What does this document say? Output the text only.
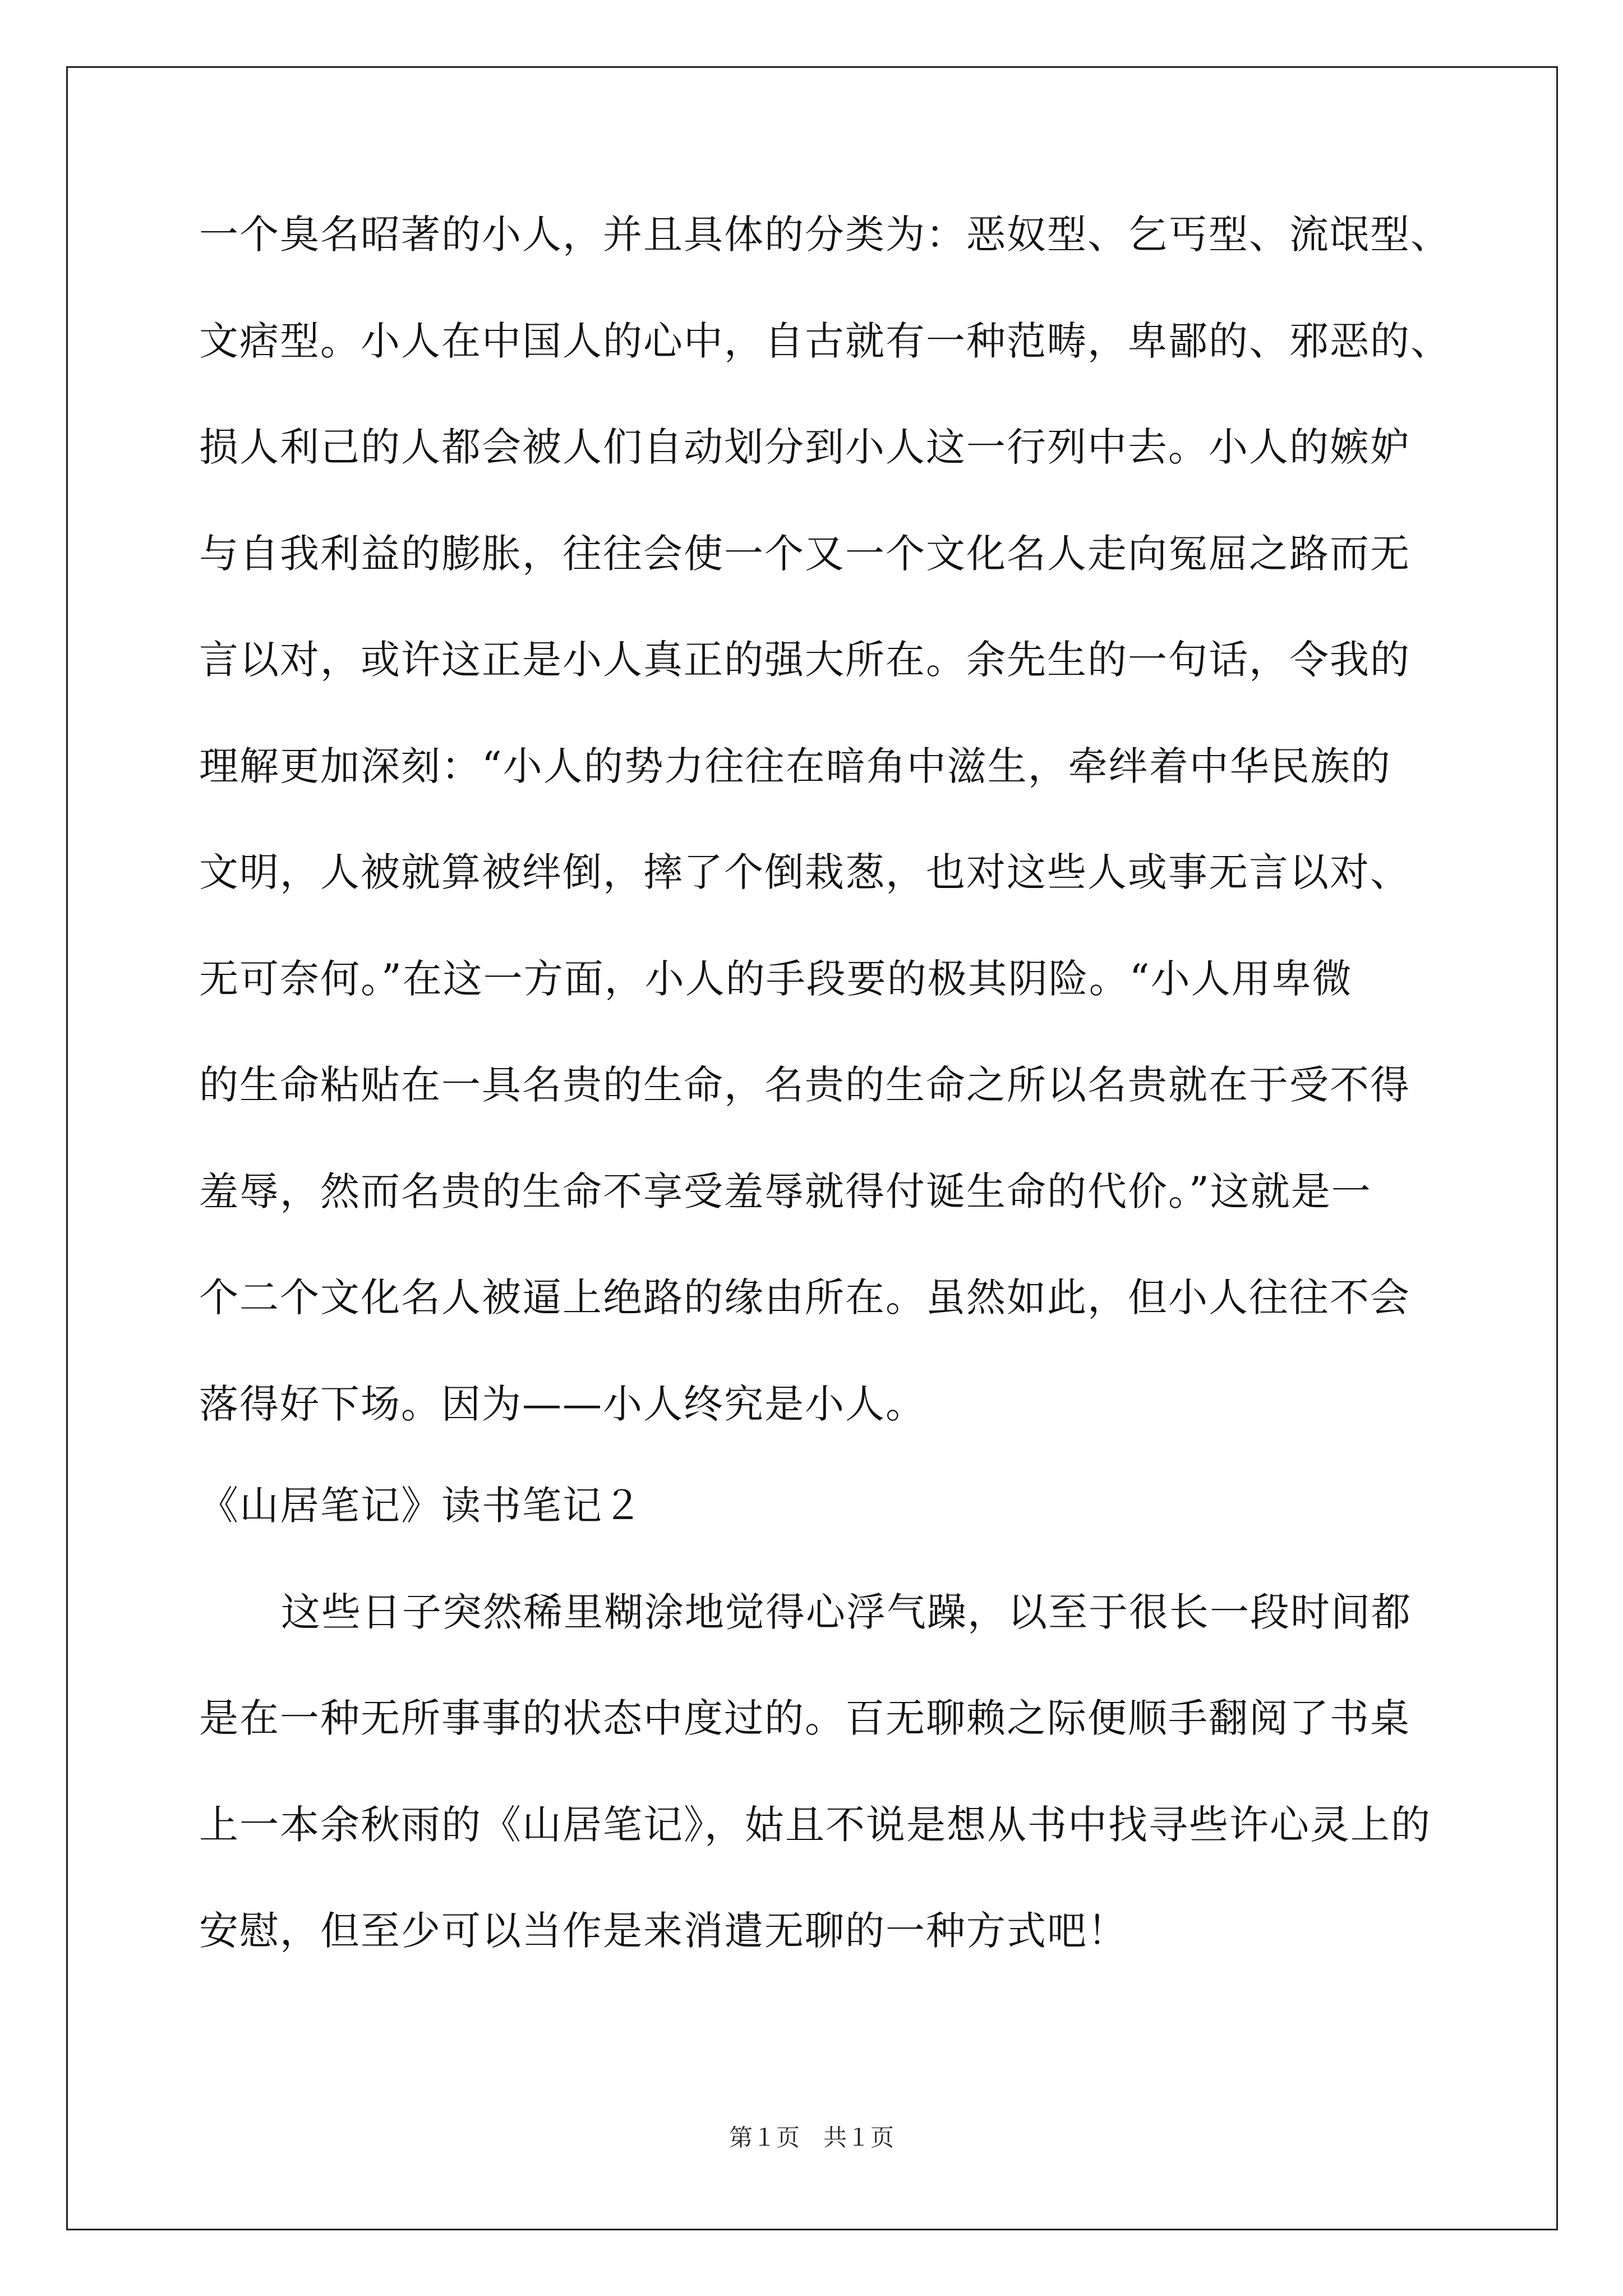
一个臭名昭著的小人，并且具体的分类为：恶奴型、乞丐型、流氓型、
文痞型。小人在中国人的心中，自古就有一种范畴，卑鄙的、邪恶的、
损人利己的人都会被人们自动划分到小人这一行列中去。小人的嫉妒
与自我利益的膨胀，往往会使一个又一个文化名人走向冤屈之路而无
言以对，或许这正是小人真正的强大所在。余先生的一句话，令我的
理解更加深刻：“小人的势力往往在暗角中滋生，牵绊着中华民族的
文明，人被就算被绊倒，摔了个倒栽葱，也对这些人或事无言以对、
无可奈何。”在这一方面，小人的手段要的极其阴险。“小人用卑微
的生命粘贴在一具名贵的生命，名贵的生命之所以名贵就在于受不得
羞辱，然而名贵的生命不享受羞辱就得付诞生命的代价。”这就是一
个二个文化名人被逼上绝路的缘由所在。虽然如此，但小人往往不会
落得好下场。因为——小人终究是小人。
《山居笔记》读书笔记２
这些日子突然稀里糊涂地觉得心浮气躁，以至于很长一段时间都
是在一种无所事事的状态中度过的。百无聊赖之际便顺手翻阅了书桌
上一本余秋雨的《山居笔记》，姑且不说是想从书中找寻些许心灵上的
安慰，但至少可以当作是来消遣无聊的一种方式吧！
第１页　共１页
